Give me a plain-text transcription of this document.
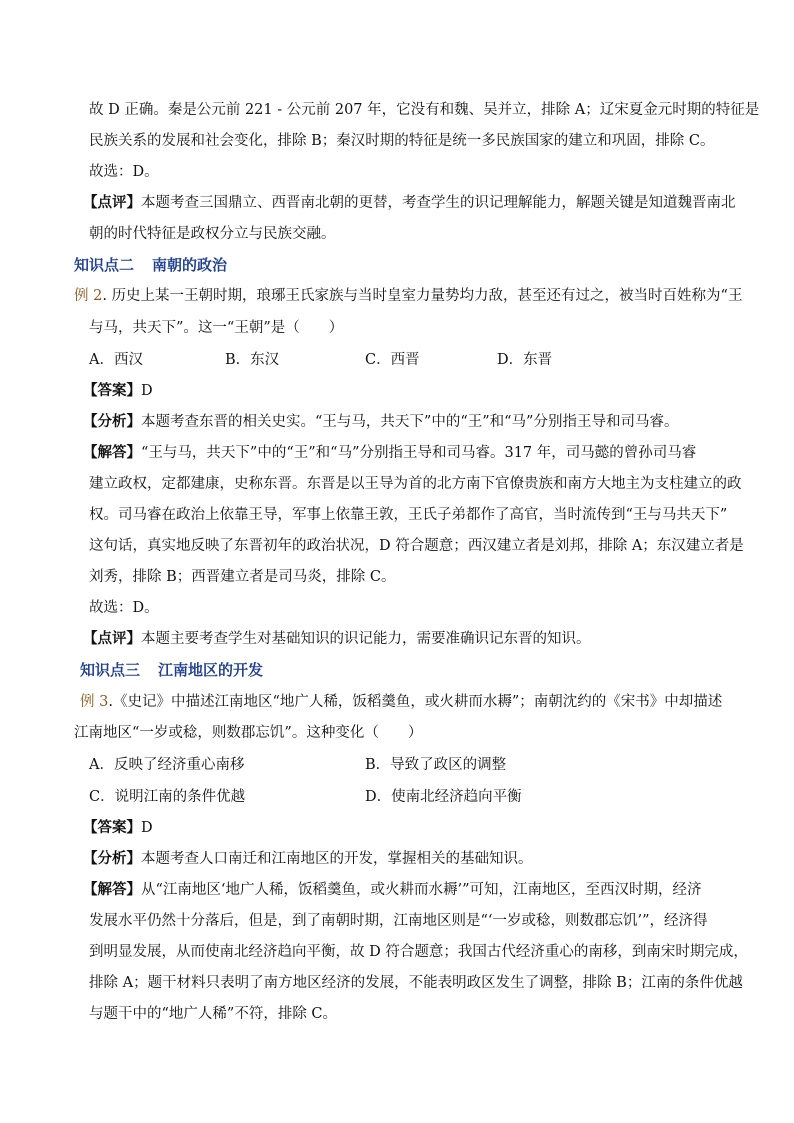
故 D 正确。秦是公元前 221 - 公元前 207 年，它没有和魏、吴并立，排除 A；辽宋夏金元时期的特征是
民族关系的发展和社会变化，排除 B；秦汉时期的特征是统一多民族国家的建立和巩固，排除 C。
故选：D。
【点评】本题考查三国鼎立、西晋南北朝的更替，考查学生的识记理解能力，解题关键是知道魏晋南北
朝的时代特征是政权分立与民族交融。
知识点二 南朝的政治
例 2. 历史上某一王朝时期，琅琊王氏家族与当时皇室力量势均力敌，甚至还有过之，被当时百姓称为“王
与马，共天下”。这一“王朝”是（　　）
A．西汉	B．东汉	C．西晋	D．东晋
【答案】D
【分析】本题考查东晋的相关史实。“王与马，共天下”中的“王”和“马”分别指王导和司马睿。
【解答】“王与马，共天下”中的“王”和“马”分别指王导和司马睿。317 年，司马懿的曾孙司马睿
建立政权，定都建康，史称东晋。东晋是以王导为首的北方南下官僚贵族和南方大地主为支柱建立的政
权。司马睿在政治上依靠王导，军事上依靠王敦，王氏子弟都作了高官，当时流传到“王与马共天下”
这句话，真实地反映了东晋初年的政治状况，D 符合题意；西汉建立者是刘邦，排除 A；东汉建立者是
刘秀，排除 B；西晋建立者是司马炎，排除 C。
故选：D。
【点评】本题主要考查学生对基础知识的识记能力，需要准确识记东晋的知识。
知识点三 江南地区的开发
例 3.《史记》中描述江南地区“地广人稀，饭稻羹鱼，或火耕而水耨”；南朝沈约的《宋书》中却描述
江南地区“一岁或稔，则数郡忘饥”。这种变化（　　）
A．反映了经济重心南移	B．导致了政区的调整
C．说明江南的条件优越	D．使南北经济趋向平衡
【答案】D
【分析】本题考查人口南迁和江南地区的开发，掌握相关的基础知识。
【解答】从“江南地区‘地广人稀，饭稻羹鱼，或火耕而水耨’”可知，江南地区，至西汉时期，经济
发展水平仍然十分落后，但是，到了南朝时期，江南地区则是“‘一岁或稔，则数郡忘饥’”，经济得
到明显发展，从而使南北经济趋向平衡，故 D 符合题意；我国古代经济重心的南移，到南宋时期完成，
排除 A；题干材料只表明了南方地区经济的发展，不能表明政区发生了调整，排除 B；江南的条件优越
与题干中的“地广人稀”不符，排除 C。
